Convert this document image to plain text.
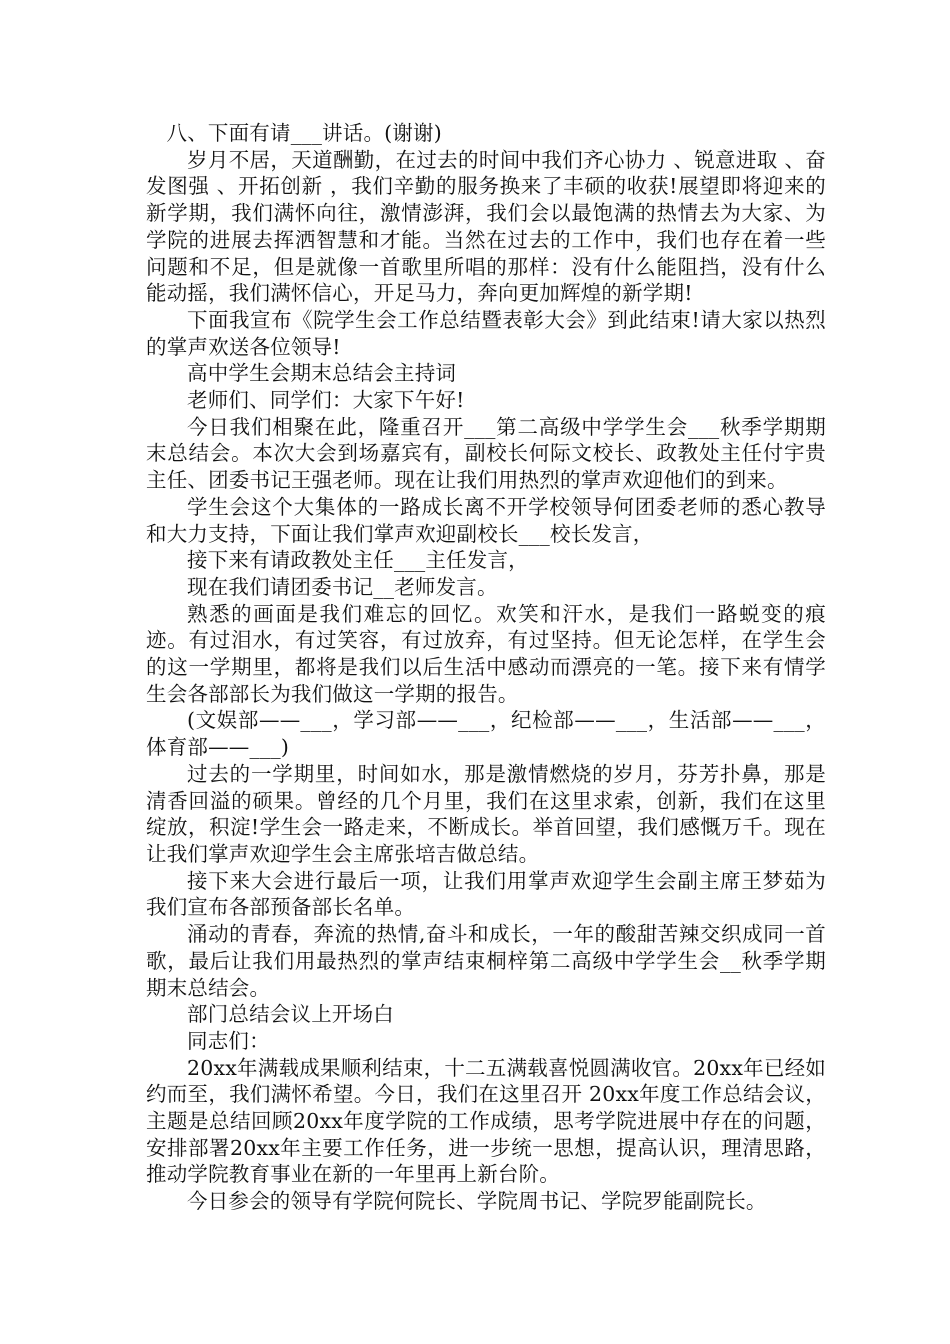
八、下面有请___讲话。(谢谢)

岁月不居，天道酬勤，在过去的时间中我们齐心协力 、锐意进取 、奋发图强 、开拓创新 ，我们辛勤的服务换来了丰硕的收获!展望即将迎来的新学期，我们满怀向往，激情澎湃，我们会以最饱满的热情去为大家、为学院的进展去挥洒智慧和才能。当然在过去的工作中，我们也存在着一些问题和不足，但是就像一首歌里所唱的那样：没有什么能阻挡，没有什么能动摇，我们满怀信心，开足马力，奔向更加辉煌的新学期!

下面我宣布《院学生会工作总结暨表彰大会》到此结束!请大家以热烈的掌声欢送各位领导!

高中学生会期末总结会主持词

老师们、同学们：大家下午好!

今日我们相聚在此，隆重召开___第二高级中学学生会___秋季学期期末总结会。本次大会到场嘉宾有，副校长何际文校长、政教处主任付宇贵主任、团委书记王强老师。现在让我们用热烈的掌声欢迎他们的到来。

学生会这个大集体的一路成长离不开学校领导何团委老师的悉心教导和大力支持，下面让我们掌声欢迎副校长___校长发言，

接下来有请政教处主任___主任发言，

现在我们请团委书记__老师发言。

熟悉的画面是我们难忘的回忆。欢笑和汗水，是我们一路蜕变的痕迹。有过泪水，有过笑容，有过放弃，有过坚持。但无论怎样，在学生会的这一学期里，都将是我们以后生活中感动而漂亮的一笔。接下来有情学生会各部部长为我们做这一学期的报告。

(文娱部——___，学习部——___，纪检部——___，生活部——___，体育部——___)

过去的一学期里，时间如水，那是激情燃烧的岁月，芬芳扑鼻，那是清香回溢的硕果。曾经的几个月里，我们在这里求索，创新，我们在这里绽放，积淀!学生会一路走来，不断成长。举首回望，我们感慨万千。现在让我们掌声欢迎学生会主席张培吉做总结。

接下来大会进行最后一项，让我们用掌声欢迎学生会副主席王梦茹为我们宣布各部预备部长名单。

涌动的青春，奔流的热情,奋斗和成长，一年的酸甜苦辣交织成同一首歌，最后让我们用最热烈的掌声结束桐梓第二高级中学学生会__秋季学期期末总结会。

部门总结会议上开场白

同志们：

20xx年满载成果顺利结束，十二五满载喜悦圆满收官。20xx年已经如约而至，我们满怀希望。今日，我们在这里召开 20xx年度工作总结会议，主题是总结回顾20xx年度学院的工作成绩，思考学院进展中存在的问题，安排部署20xx年主要工作任务，进一步统一思想，提高认识，理清思路，推动学院教育事业在新的一年里再上新台阶。

今日参会的领导有学院何院长、学院周书记、学院罗能副院长。
